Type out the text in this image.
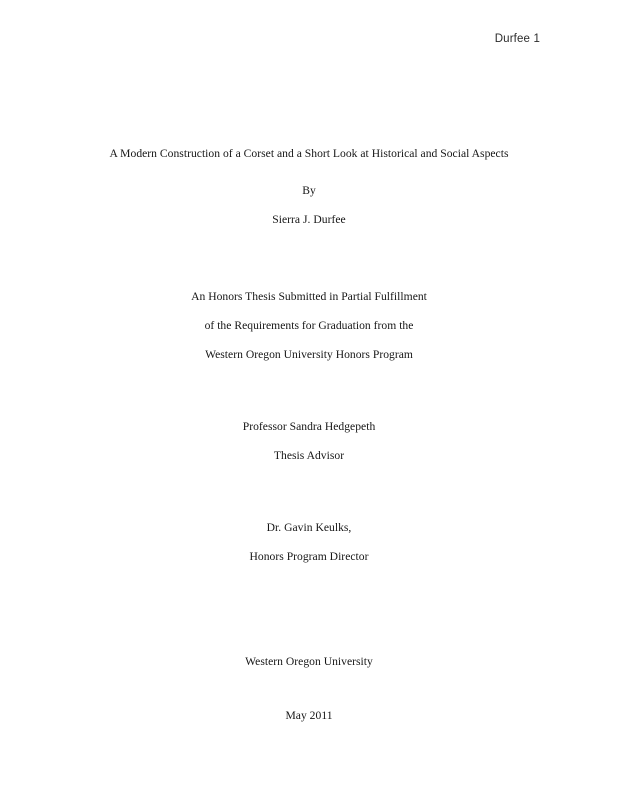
Durfee 1
A Modern Construction of a Corset and a Short Look at Historical and Social Aspects
By
Sierra J. Durfee
An Honors Thesis Submitted in Partial Fulfillment
of the Requirements for Graduation from the
Western Oregon University Honors Program
Professor Sandra Hedgepeth
Thesis Advisor
Dr. Gavin Keulks,
Honors Program Director
Western Oregon University
May 2011
